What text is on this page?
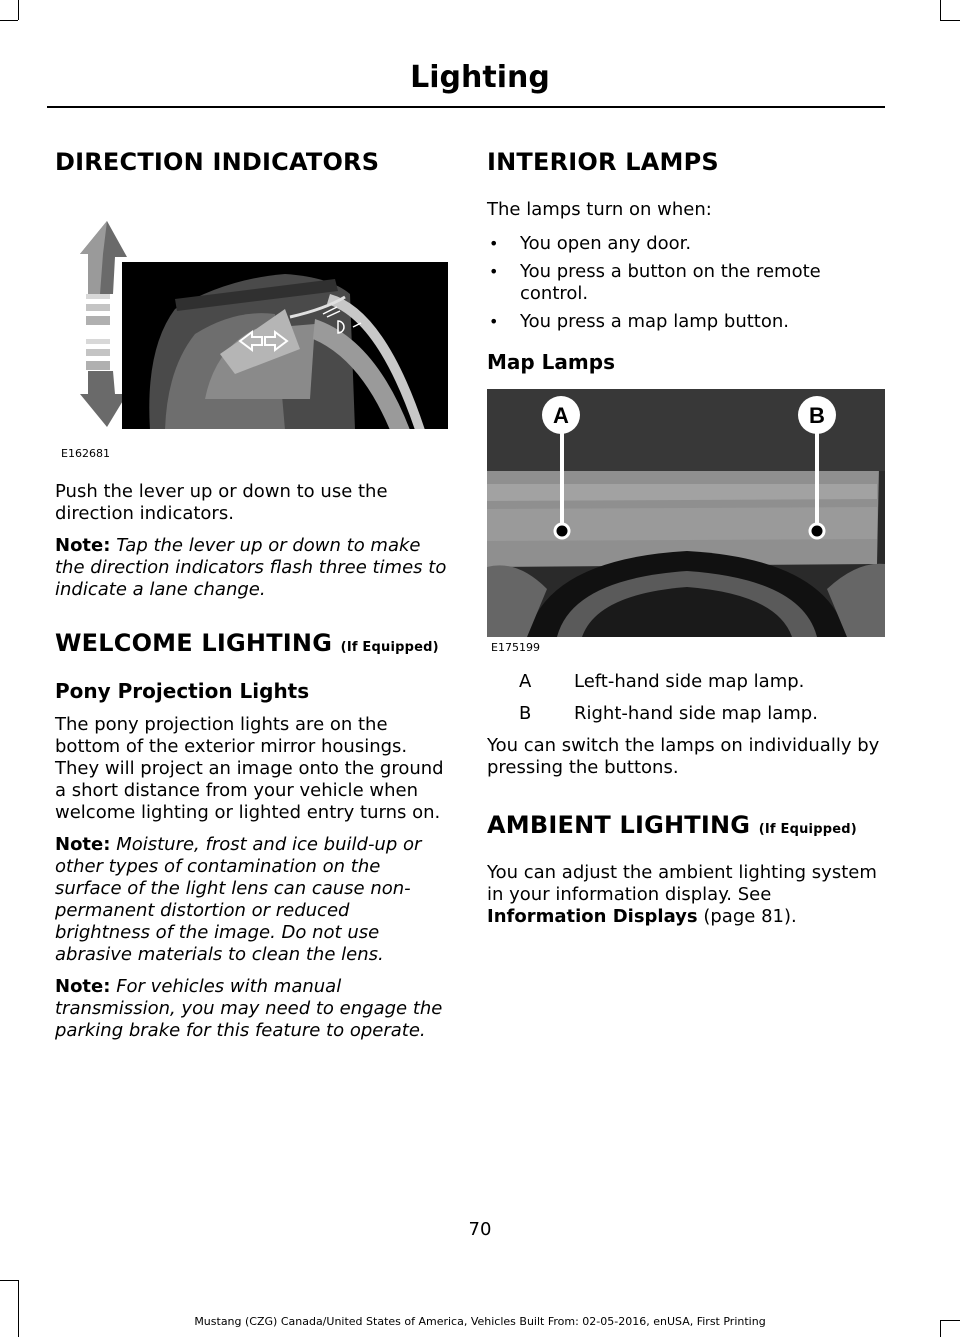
Lighting
DIRECTION INDICATORS
E162681

Push the lever up or down to use the direction indicators.

Note: Tap the lever up or down to make the direction indicators flash three times to indicate a lane change.

WELCOME LIGHTING (If Equipped)
Pony Projection Lights

The pony projection lights are on the bottom of the exterior mirror housings. They will project an image onto the ground a short distance from your vehicle when welcome lighting or lighted entry turns on.

Note: Moisture, frost and ice build-up or other types of contamination on the surface of the light lens can cause non-permanent distortion or reduced brightness of the image. Do not use abrasive materials to clean the lens.

Note: For vehicles with manual transmission, you may need to engage the parking brake for this feature to operate.

INTERIOR LAMPS

The lamps turn on when:

• You open any door.
• You press a button on the remote control.
• You press a map lamp button.
Map Lamps
A	B
E175199
A	Left-hand side map lamp.
B	Right-hand side map lamp.

You can switch the lamps on individually by pressing the buttons.

AMBIENT LIGHTING (If Equipped)

You can adjust the ambient lighting system in your information display. See Information Displays (page 81).

70
Mustang (CZG) Canada/United States of America, Vehicles Built From: 02-05-2016, enUSA, First Printing
